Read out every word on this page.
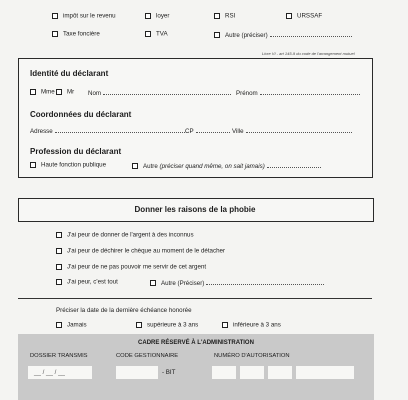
impôt sur le revenu	loyer	RSI	URSSAF
Taxe foncière	TVA	Autre (préciser)
Livre VI - art 145-9 du code de l'arrangement mutuel
Identité du déclarant
Mme	Mr Nom	Prénom
Coordonnées du déclarant
Adresse	CP	Ville
Profession du déclarant
Haute fonction publique	Autre (préciser quand même, on sait jamais)
Donner les raisons de la phobie
J'ai peur de donner de l'argent à des inconnus
J'ai peur de déchirer le chèque au moment de le détacher
J'ai peur de ne pas pouvoir me servir de cet argent
J'ai peur, c'est tout	Autre (Préciser)
Préciser la date de la dernière échéance honorée
Jamais	supérieure à 3 ans	inférieure à 3 ans
CADRE RÉSERVÉ À L'ADMINISTRATION
DOSSIER TRANSMIS	CODE GESTIONNAIRE	NUMÉRO D'AUTORISATION
__ / __ / __	- BIT
